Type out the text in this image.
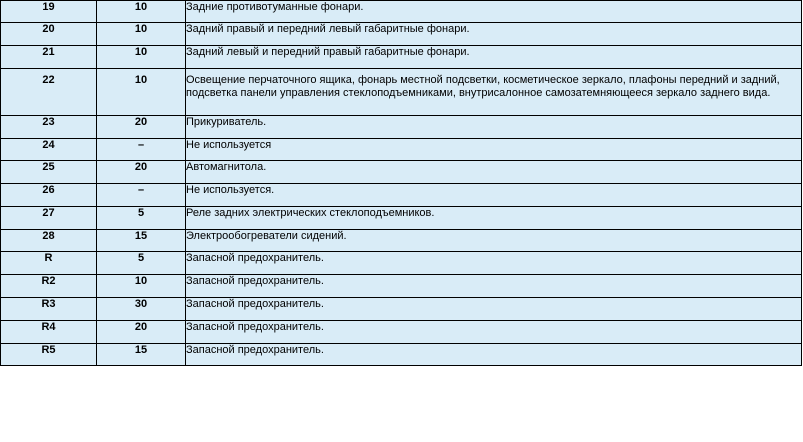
19	10	Задние противотуманные фонари.
20	10	Задний правый и передний левый габаритные фонари.
21	10	Задний левый и передний правый габаритные фонари.
22	10	Освещение перчаточного ящика, фонарь местной подсветки, косметическое зеркало, плафоны передний и задний, подсветка панели управления стеклоподъемниками, внутрисалонное самозатемняющееся зеркало заднего вида.
23	20	Прикуриватель.
24	–	Не используется
25	20	Автомагнитола.
26	–	Не используется.
27	5	Реле задних электрических стеклоподъемников.
28	15	Электрообогреватели сидений.
R	5	Запасной предохранитель.
R2	10	Запасной предохранитель.
R3	30	Запасной предохранитель.
R4	20	Запасной предохранитель.
R5	15	Запасной предохранитель.
